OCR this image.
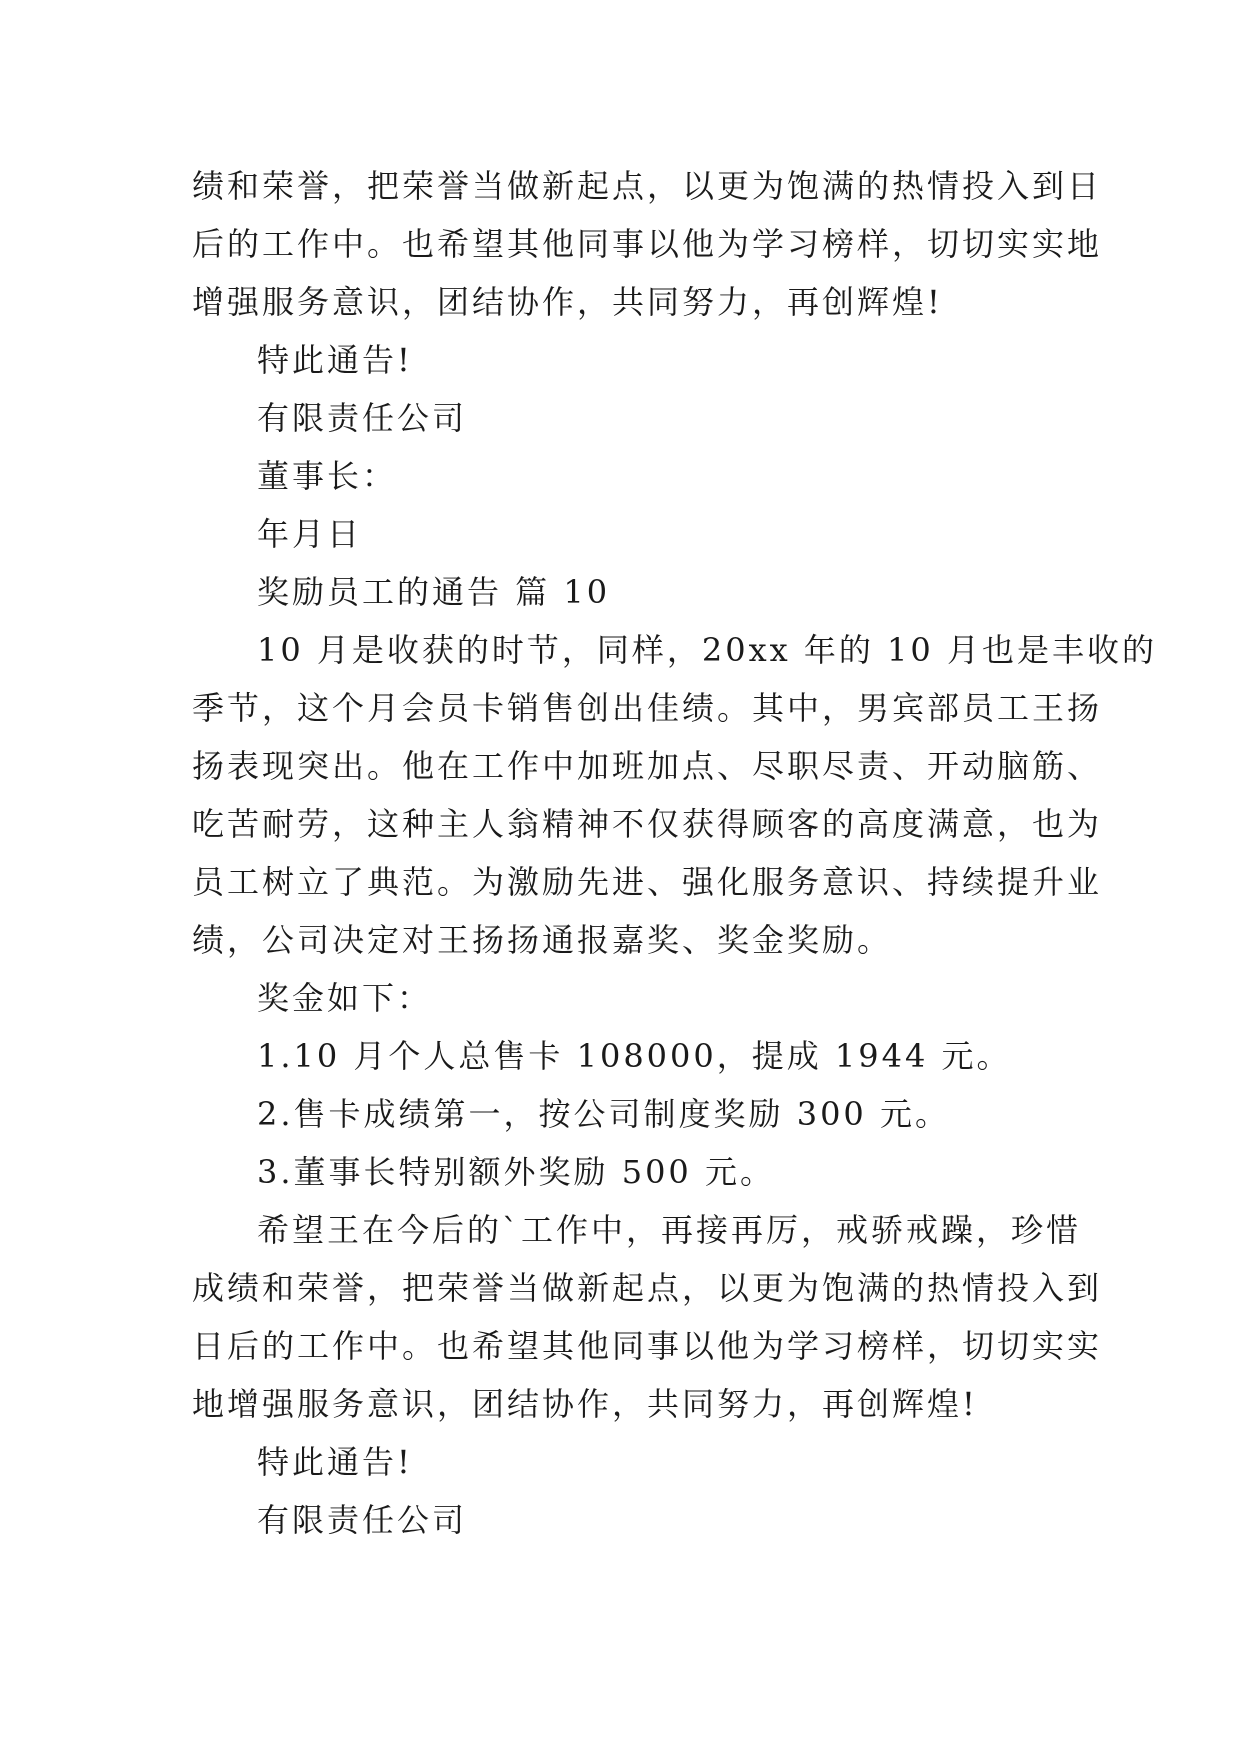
绩和荣誉，把荣誉当做新起点，以更为饱满的热情投入到日
后的工作中。也希望其他同事以他为学习榜样，切切实实地
增强服务意识，团结协作，共同努力，再创辉煌!
特此通告!
有限责任公司
董事长：
年月日
奖励员工的通告 篇 10
10 月是收获的时节，同样，20xx 年的 10 月也是丰收的
季节，这个月会员卡销售创出佳绩。其中，男宾部员工王扬
扬表现突出。他在工作中加班加点、尽职尽责、开动脑筋、
吃苦耐劳，这种主人翁精神不仅获得顾客的高度满意，也为
员工树立了典范。为激励先进、强化服务意识、持续提升业
绩，公司决定对王扬扬通报嘉奖、奖金奖励。
奖金如下：
1.10 月个人总售卡 108000，提成 1944 元。
2.售卡成绩第一，按公司制度奖励 300 元。
3.董事长特别额外奖励 500 元。
希望王在今后的`工作中，再接再厉，戒骄戒躁，珍惜
成绩和荣誉，把荣誉当做新起点，以更为饱满的热情投入到
日后的工作中。也希望其他同事以他为学习榜样，切切实实
地增强服务意识，团结协作，共同努力，再创辉煌!
特此通告!
有限责任公司
